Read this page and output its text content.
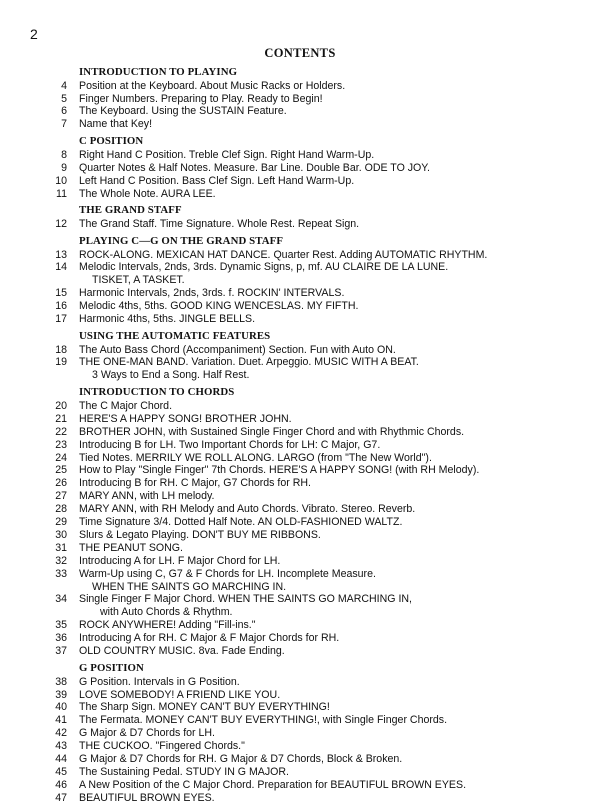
2
CONTENTS
INTRODUCTION TO PLAYING
4	Position at the Keyboard. About Music Racks or Holders.
5	Finger Numbers. Preparing to Play. Ready to Begin!
6	The Keyboard. Using the SUSTAIN Feature.
7	Name that Key!
C POSITION
8	Right Hand C Position. Treble Clef Sign. Right Hand Warm-Up.
9	Quarter Notes & Half Notes. Measure. Bar Line. Double Bar. ODE TO JOY.
10	Left Hand C Position. Bass Clef Sign. Left Hand Warm-Up.
11	The Whole Note. AURA LEE.
THE GRAND STAFF
12	The Grand Staff. Time Signature. Whole Rest. Repeat Sign.
PLAYING C—G ON THE GRAND STAFF
13	ROCK-ALONG. MEXICAN HAT DANCE. Quarter Rest. Adding AUTOMATIC RHYTHM.
14	Melodic Intervals, 2nds, 3rds. Dynamic Signs, p, mf. AU CLAIRE DE LA LUNE.
TISKET, A TASKET.
15	Harmonic Intervals, 2nds, 3rds. f. ROCKIN' INTERVALS.
16	Melodic 4ths, 5ths. GOOD KING WENCESLAS. MY FIFTH.
17	Harmonic 4ths, 5ths. JINGLE BELLS.
USING THE AUTOMATIC FEATURES
18	The Auto Bass Chord (Accompaniment) Section. Fun with Auto ON.
19	THE ONE-MAN BAND. Variation. Duet. Arpeggio. MUSIC WITH A BEAT.
3 Ways to End a Song. Half Rest.
INTRODUCTION TO CHORDS
20	The C Major Chord.
21	HERE'S A HAPPY SONG! BROTHER JOHN.
22	BROTHER JOHN, with Sustained Single Finger Chord and with Rhythmic Chords.
23	Introducing B for LH. Two Important Chords for LH: C Major, G7.
24	Tied Notes. MERRILY WE ROLL ALONG. LARGO (from "The New World").
25	How to Play "Single Finger" 7th Chords. HERE'S A HAPPY SONG! (with RH Melody).
26	Introducing B for RH. C Major, G7 Chords for RH.
27	MARY ANN, with LH melody.
28	MARY ANN, with RH Melody and Auto Chords. Vibrato. Stereo. Reverb.
29	Time Signature 3/4. Dotted Half Note. AN OLD-FASHIONED WALTZ.
30	Slurs & Legato Playing. DON'T BUY ME RIBBONS.
31	THE PEANUT SONG.
32	Introducing A for LH. F Major Chord for LH.
33	Warm-Up using C, G7 & F Chords for LH. Incomplete Measure.
WHEN THE SAINTS GO MARCHING IN.
34	Single Finger F Major Chord. WHEN THE SAINTS GO MARCHING IN,
with Auto Chords & Rhythm.
35	ROCK ANYWHERE! Adding "Fill-ins."
36	Introducing A for RH. C Major & F Major Chords for RH.
37	OLD COUNTRY MUSIC. 8va. Fade Ending.
G POSITION
38	G Position. Intervals in G Position.
39	LOVE SOMEBODY! A FRIEND LIKE YOU.
40	The Sharp Sign. MONEY CAN'T BUY EVERYTHING!
41	The Fermata. MONEY CAN'T BUY EVERYTHING!, with Single Finger Chords.
42	G Major & D7 Chords for LH.
43	THE CUCKOO. "Fingered Chords."
44	G Major & D7 Chords for RH. G Major & D7 Chords, Block & Broken.
45	The Sustaining Pedal. STUDY IN G MAJOR.
46	A New Position of the C Major Chord. Preparation for BEAUTIFUL BROWN EYES.
47	BEAUTIFUL BROWN EYES.
